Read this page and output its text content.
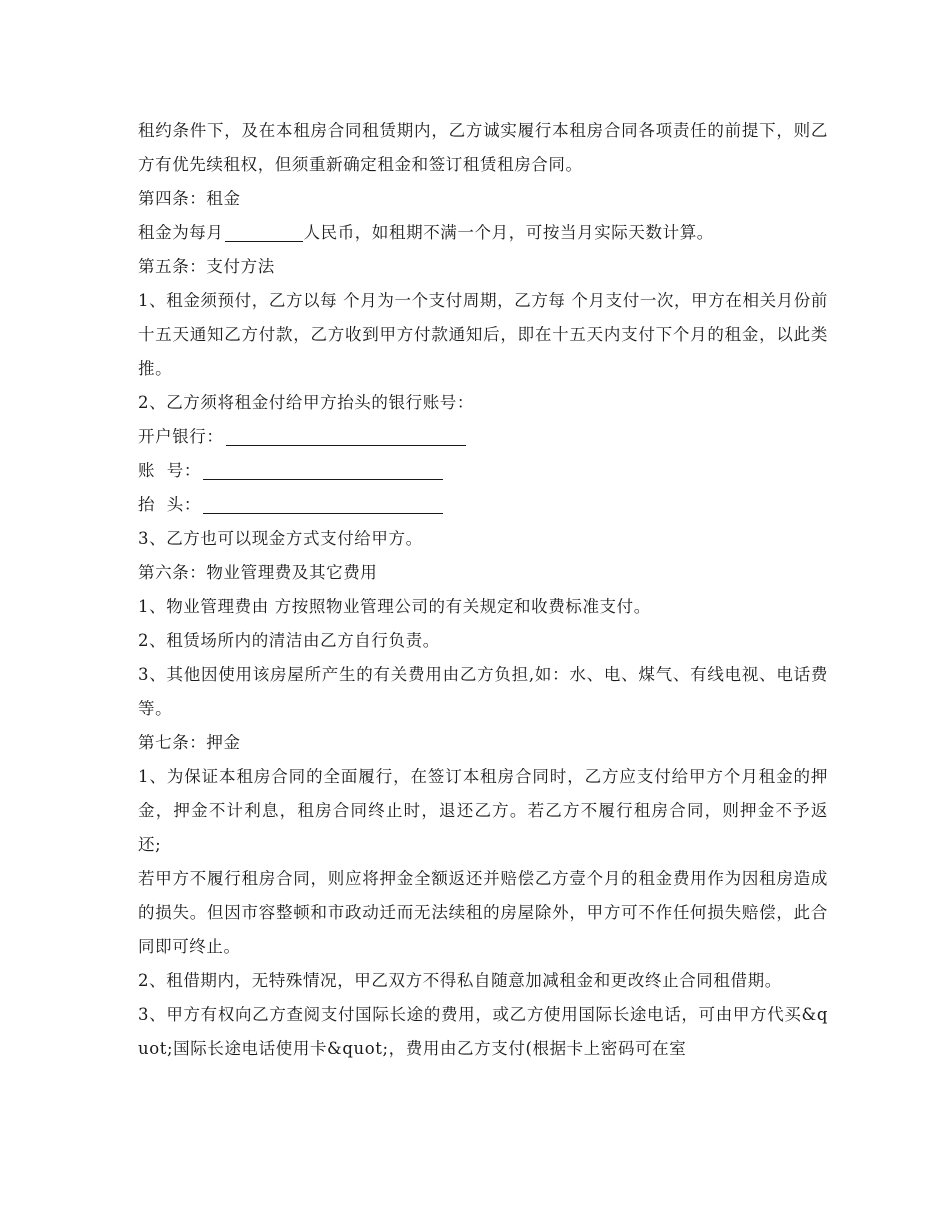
租约条件下，及在本租房合同租赁期内，乙方诚实履行本租房合同各项责任的前提下，则乙方有优先续租权，但须重新确定租金和签订租赁租房合同。

第四条：租金

租金为每月	人民币，如租期不满一个月，可按当月实际天数计算。

第五条：支付方法

1、租金须预付，乙方以每 个月为一个支付周期，乙方每 个月支付一次，甲方在相关月份前十五天通知乙方付款，乙方收到甲方付款通知后，即在十五天内支付下个月的租金，以此类推。

2、乙方须将租金付给甲方抬头的银行账号：

开户银行：

账  号：

抬  头：

3、乙方也可以现金方式支付给甲方。

第六条：物业管理费及其它费用

1、物业管理费由 方按照物业管理公司的有关规定和收费标准支付。

2、租赁场所内的清洁由乙方自行负责。

3、其他因使用该房屋所产生的有关费用由乙方负担,如：水、电、煤气、有线电视、电话费等。

第七条：押金

1、为保证本租房合同的全面履行，在签订本租房合同时，乙方应支付给甲方个月租金的押金，押金不计利息，租房合同终止时，退还乙方。若乙方不履行租房合同，则押金不予返还;

若甲方不履行租房合同，则应将押金全额返还并赔偿乙方壹个月的租金费用作为因租房造成的损失。但因市容整顿和市政动迁而无法续租的房屋除外，甲方可不作任何损失赔偿，此合同即可终止。

2、租借期内，无特殊情况，甲乙双方不得私自随意加减租金和更改终止合同租借期。

3、甲方有权向乙方查阅支付国际长途的费用，或乙方使用国际长途电话，可由甲方代买&quot;国际长途电话使用卡&quot;，费用由乙方支付(根据卡上密码可在室
